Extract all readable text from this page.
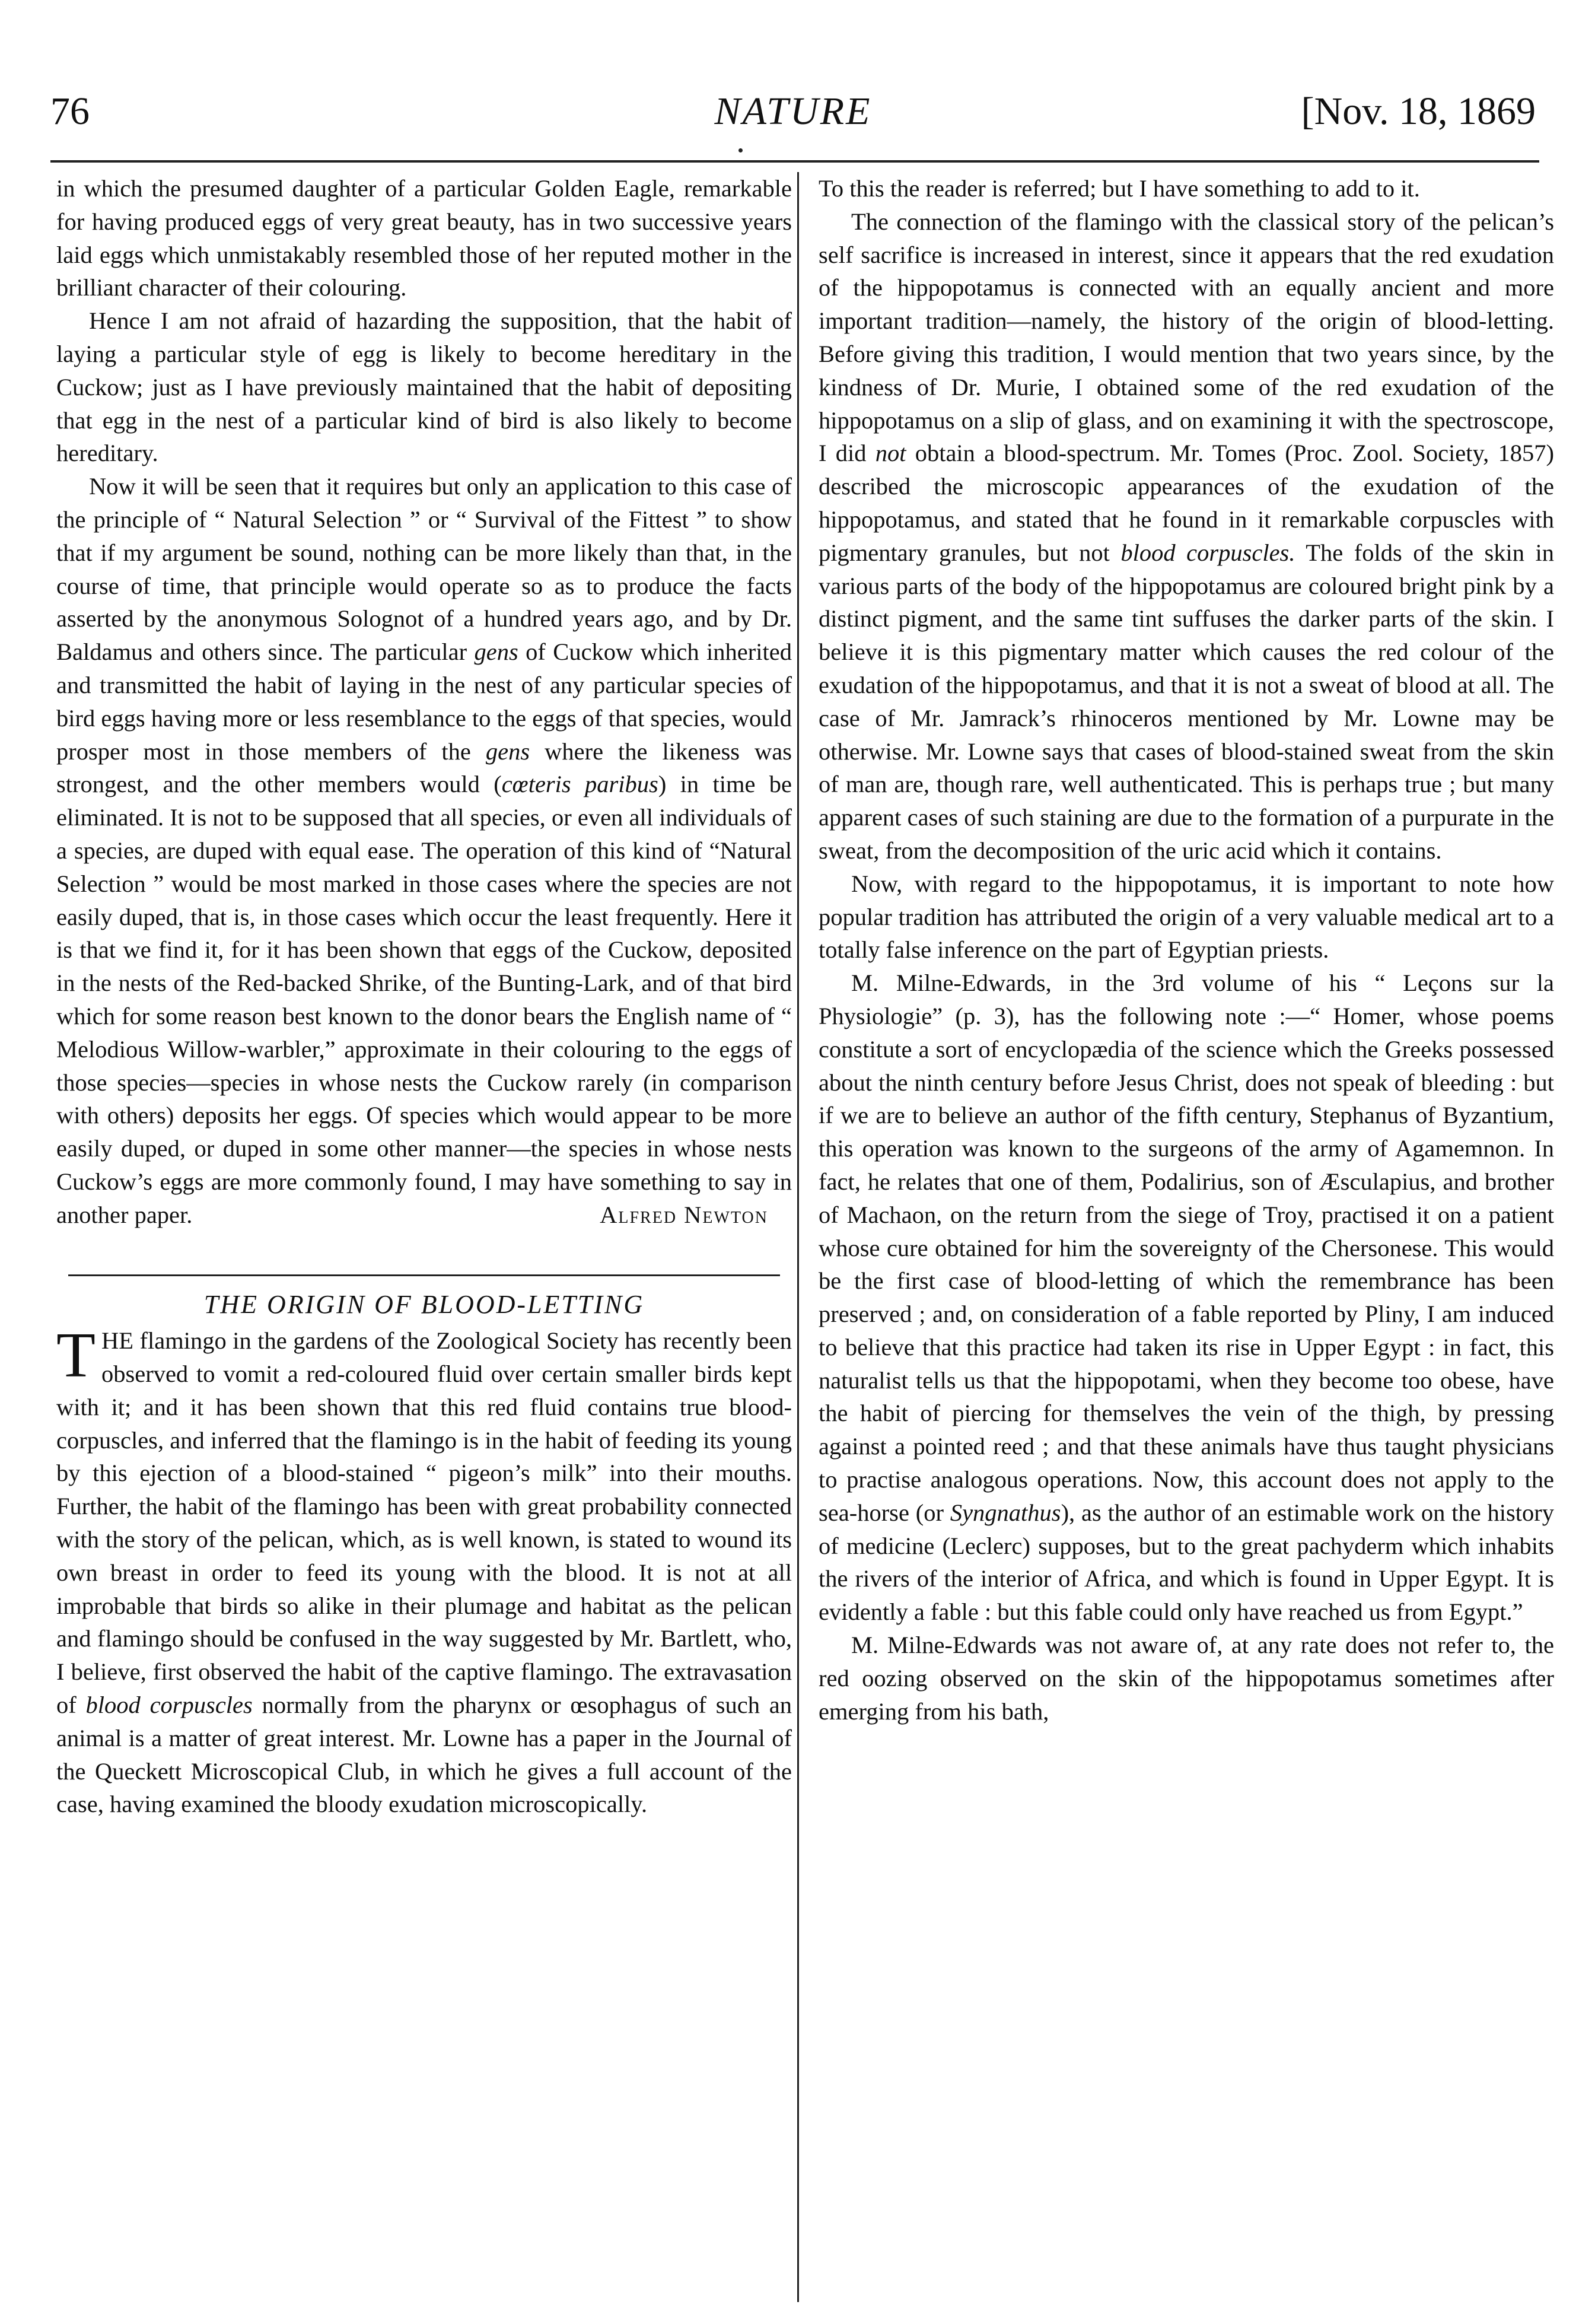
76	NATURE	[Nov. 18, 1869

in which the presumed daughter of a particular Golden Eagle, remarkable for having produced eggs of very great beauty, has in two successive years laid eggs which unmistakably resembled those of her reputed mother in the brilliant character of their colouring.

Hence I am not afraid of hazarding the supposition, that the habit of laying a particular style of egg is likely to become hereditary in the Cuckow; just as I have previously maintained that the habit of depositing that egg in the nest of a particular kind of bird is also likely to become hereditary.

Now it will be seen that it requires but only an application to this case of the principle of “ Natural Selection ” or “ Survival of the Fittest ” to show that if my argument be sound, nothing can be more likely than that, in the course of time, that principle would operate so as to produce the facts asserted by the anonymous Solognot of a hundred years ago, and by Dr. Baldamus and others since. The particular gens of Cuckow which inherited and transmitted the habit of laying in the nest of any particular species of bird eggs having more or less resemblance to the eggs of that species, would prosper most in those members of the gens where the likeness was strongest, and the other members would (cœteris paribus) in time be eliminated. It is not to be supposed that all species, or even all individuals of a species, are duped with equal ease. The operation of this kind of “Natural Selection ” would be most marked in those cases where the species are not easily duped, that is, in those cases which occur the least frequently. Here it is that we find it, for it has been shown that eggs of the Cuckow, deposited in the nests of the Red-backed Shrike, of the Bunting-Lark, and of that bird which for some reason best known to the donor bears the English name of “ Melodious Willow-warbler,” approximate in their colouring to the eggs of those species—species in whose nests the Cuckow rarely (in comparison with others) deposits her eggs. Of species which would appear to be more easily duped, or duped in some other manner—the species in whose nests Cuckow’s eggs are more commonly found, I may have something to say in another paper.	Alfred Newton

THE ORIGIN OF BLOOD-LETTING

THE flamingo in the gardens of the Zoological Society has recently been observed to vomit a red-coloured fluid over certain smaller birds kept with it; and it has been shown that this red fluid contains true blood-corpuscles, and inferred that the flamingo is in the habit of feeding its young by this ejection of a blood-stained “ pigeon’s milk” into their mouths. Further, the habit of the flamingo has been with great probability connected with the story of the pelican, which, as is well known, is stated to wound its own breast in order to feed its young with the blood. It is not at all improbable that birds so alike in their plumage and habitat as the pelican and flamingo should be confused in the way suggested by Mr. Bartlett, who, I believe, first observed the habit of the captive flamingo. The extravasation of blood corpuscles normally from the pharynx or œsophagus of such an animal is a matter of great interest. Mr. Lowne has a paper in the Journal of the Queckett Microscopical Club, in which he gives a full account of the case, having examined the bloody exudation microscopically.

To this the reader is referred; but I have something to add to it.

The connection of the flamingo with the classical story of the pelican’s self sacrifice is increased in interest, since it appears that the red exudation of the hippopotamus is connected with an equally ancient and more important tradition—namely, the history of the origin of blood-letting. Before giving this tradition, I would mention that two years since, by the kindness of Dr. Murie, I obtained some of the red exudation of the hippopotamus on a slip of glass, and on examining it with the spectroscope, I did not obtain a blood-spectrum. Mr. Tomes (Proc. Zool. Society, 1857) described the microscopic appearances of the exudation of the hippopotamus, and stated that he found in it remarkable corpuscles with pigmentary granules, but not blood corpuscles. The folds of the skin in various parts of the body of the hippopotamus are coloured bright pink by a distinct pigment, and the same tint suffuses the darker parts of the skin. I believe it is this pigmentary matter which causes the red colour of the exudation of the hippopotamus, and that it is not a sweat of blood at all. The case of Mr. Jamrack’s rhinoceros mentioned by Mr. Lowne may be otherwise. Mr. Lowne says that cases of blood-stained sweat from the skin of man are, though rare, well authenticated. This is perhaps true ; but many apparent cases of such staining are due to the formation of a purpurate in the sweat, from the decomposition of the uric acid which it contains.

Now, with regard to the hippopotamus, it is important to note how popular tradition has attributed the origin of a very valuable medical art to a totally false inference on the part of Egyptian priests.

M. Milne-Edwards, in the 3rd volume of his “ Leçons sur la Physiologie” (p. 3), has the following note :—“ Homer, whose poems constitute a sort of encyclopædia of the science which the Greeks possessed about the ninth century before Jesus Christ, does not speak of bleeding : but if we are to believe an author of the fifth century, Stephanus of Byzantium, this operation was known to the surgeons of the army of Agamemnon. In fact, he relates that one of them, Podalirius, son of Æsculapius, and brother of Machaon, on the return from the siege of Troy, practised it on a patient whose cure obtained for him the sovereignty of the Chersonese. This would be the first case of blood-letting of which the remembrance has been preserved ; and, on consideration of a fable reported by Pliny, I am induced to believe that this practice had taken its rise in Upper Egypt : in fact, this naturalist tells us that the hippopotami, when they become too obese, have the habit of piercing for themselves the vein of the thigh, by pressing against a pointed reed ; and that these animals have thus taught physicians to practise analogous operations. Now, this account does not apply to the sea-horse (or Syngnathus), as the author of an estimable work on the history of medicine (Leclerc) supposes, but to the great pachyderm which inhabits the rivers of the interior of Africa, and which is found in Upper Egypt. It is evidently a fable : but this fable could only have reached us from Egypt.”

M. Milne-Edwards was not aware of, at any rate does not refer to, the red oozing observed on the skin of the hippopotamus sometimes after emerging from his bath,
